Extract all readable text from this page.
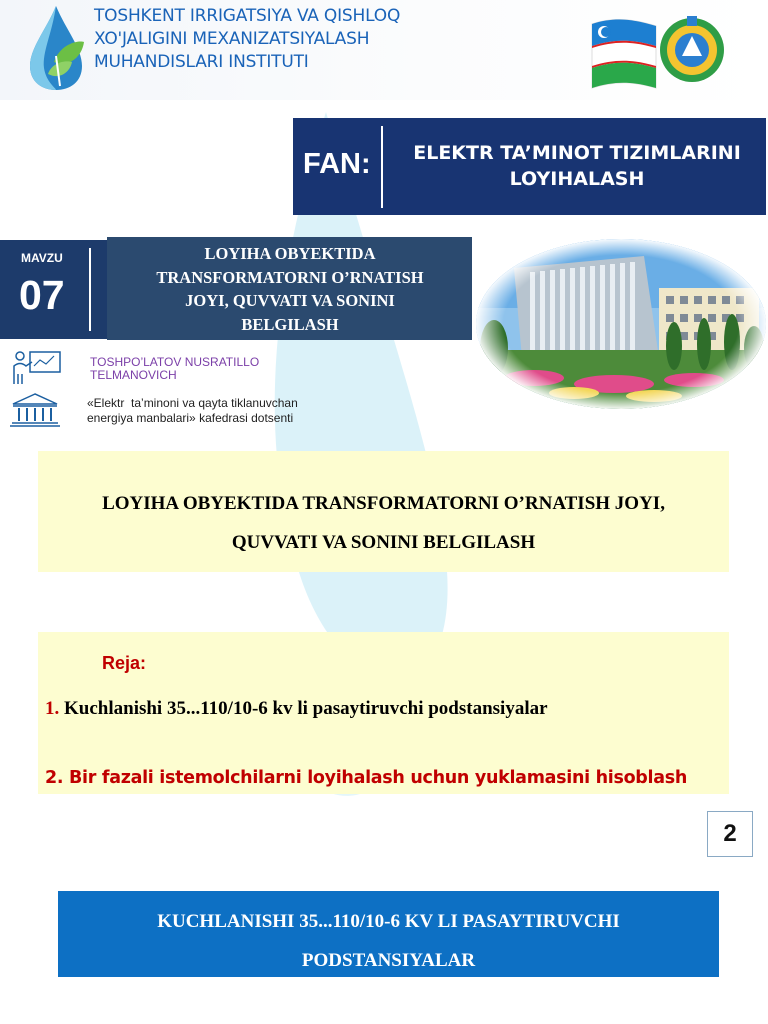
TOSHKENT IRRIGATSIYA VA QISHLOQ
XO'JALIGINI MEXANIZATSIYALASH
MUHANDISLARI INSTITUTI
FAN:	ELEKTR TA’MINOT TIZIMLARINI
LOYIHALASH
MAVZU
07
LOYIHA OBYEKTIDA
TRANSFORMATORNI O’RNATISH
JOYI, QUVVATI VA SONINI
BELGILASH
TOSHPO’LATOV NUSRATILLO
TELMANOVICH
«Elektr  ta’minoni va qayta tiklanuvchan
energiya manbalari» kafedrasi dotsenti
LOYIHA OBYEKTIDA TRANSFORMATORNI O’RNATISH JOYI,
QUVVATI VA SONINI BELGILASH
Reja:
1. Kuchlanishi 35...110/10-6 kv li pasaytiruvchi podstansiyalar
2. Bir fazali istemolchilarni loyihalash uchun yuklamasini hisoblash
2
KUCHLANISHI 35...110/10-6 KV LI PASAYTIRUVCHI
PODSTANSIYALAR
